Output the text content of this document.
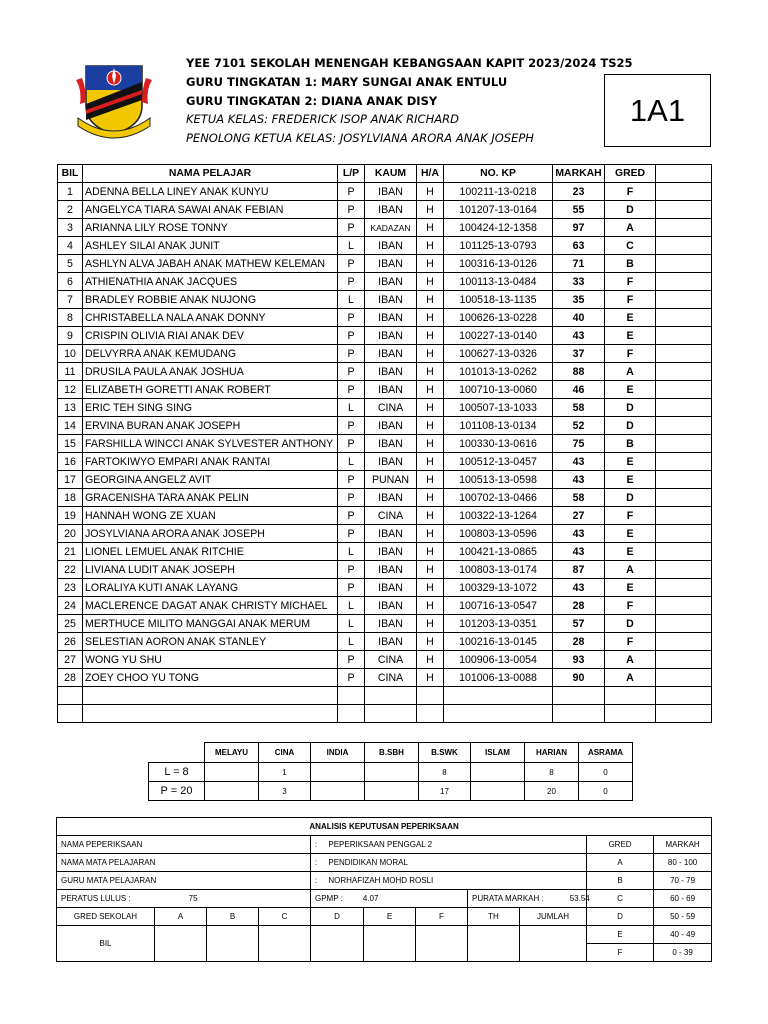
YEE 7101 SEKOLAH MENENGAH KEBANGSAAN KAPIT 2023/2024 TS25
GURU TINGKATAN 1: MARY SUNGAI ANAK ENTULU
GURU TINGKATAN 2: DIANA ANAK DISY
KETUA KELAS: FREDERICK ISOP ANAK RICHARD
PENOLONG KETUA KELAS: JOSYLVIANA ARORA ANAK JOSEPH
1A1
BIL	NAMA PELAJAR	L/P	KAUM	H/A	NO. KP	MARKAH	GRED	
1	ADENNA BELLA LINEY ANAK KUNYU	P	IBAN	H	100211-13-0218	23	F	
2	ANGELYCA TIARA SAWAI ANAK FEBIAN	P	IBAN	H	101207-13-0164	55	D	
3	ARIANNA LILY ROSE TONNY	P	KADAZAN	H	100424-12-1358	97	A	
4	ASHLEY SILAI ANAK JUNIT	L	IBAN	H	101125-13-0793	63	C	
5	ASHLYN ALVA JABAH ANAK MATHEW KELEMAN	P	IBAN	H	100316-13-0126	71	B	
6	ATHIENATHIA ANAK JACQUES	P	IBAN	H	100113-13-0484	33	F	
7	BRADLEY ROBBIE ANAK NUJONG	L	IBAN	H	100518-13-1135	35	F	
8	CHRISTABELLA NALA ANAK DONNY	P	IBAN	H	100626-13-0228	40	E	
9	CRISPIN OLIVIA RIAI ANAK DEV	P	IBAN	H	100227-13-0140	43	E	
10	DELVYRRA ANAK KEMUDANG	P	IBAN	H	100627-13-0326	37	F	
11	DRUSILA PAULA ANAK JOSHUA	P	IBAN	H	101013-13-0262	88	A	
12	ELIZABETH GORETTI ANAK ROBERT	P	IBAN	H	100710-13-0060	46	E	
13	ERIC TEH SING SING	L	CINA	H	100507-13-1033	58	D	
14	ERVINA BURAN ANAK JOSEPH	P	IBAN	H	101108-13-0134	52	D	
15	FARSHILLA WINCCI ANAK SYLVESTER ANTHONY	P	IBAN	H	100330-13-0616	75	B	
16	FARTOKIWYO EMPARI ANAK RANTAI	L	IBAN	H	100512-13-0457	43	E	
17	GEORGINA ANGELZ AVIT	P	PUNAN	H	100513-13-0598	43	E	
18	GRACENISHA TARA ANAK PELIN	P	IBAN	H	100702-13-0466	58	D	
19	HANNAH WONG ZE XUAN	P	CINA	H	100322-13-1264	27	F	
20	JOSYLVIANA ARORA ANAK JOSEPH	P	IBAN	H	100803-13-0596	43	E	
21	LIONEL LEMUEL ANAK RITCHIE	L	IBAN	H	100421-13-0865	43	E	
22	LIVIANA LUDIT ANAK JOSEPH	P	IBAN	H	100803-13-0174	87	A	
23	LORALIYA KUTI ANAK LAYANG	P	IBAN	H	100329-13-1072	43	E	
24	MACLERENCE DAGAT ANAK CHRISTY MICHAEL	L	IBAN	H	100716-13-0547	28	F	
25	MERTHUCE MILITO MANGGAI ANAK MERUM	L	IBAN	H	101203-13-0351	57	D	
26	SELESTIAN AORON ANAK STANLEY	L	IBAN	H	100216-13-0145	28	F	
27	WONG YU SHU	P	CINA	H	100906-13-0054	93	A	
28	ZOEY CHOO YU TONG	P	CINA	H	101006-13-0088	90	A	

	MELAYU	CINA	INDIA	B.SBH	B.SWK	ISLAM	HARIAN	ASRAMA
L = 8		1			8		8	0
P = 20		3			17		20	0
ANALISIS KEPUTUSAN PEPERIKSAAN										
NAMA PEPERIKSAAN				: PEPERIKSAAN PENGGAL 2					GRED	MARKAH
NAMA MATA PELAJARAN				: PENDIDIKAN MORAL					A	80 - 100
GURU MATA PELAJARAN				: NORHAFIZAH MOHD ROSLI					B	70 - 79
PERATUS LULUS : 75				GPMP : 4.07			PURATA MARKAH : 53.54		C	60 - 69
GRED SEKOLAH	A	B	C	D	E	F	TH	JUMLAH	D	50 - 59
BIL									E	40 - 49
									F	0 - 39
